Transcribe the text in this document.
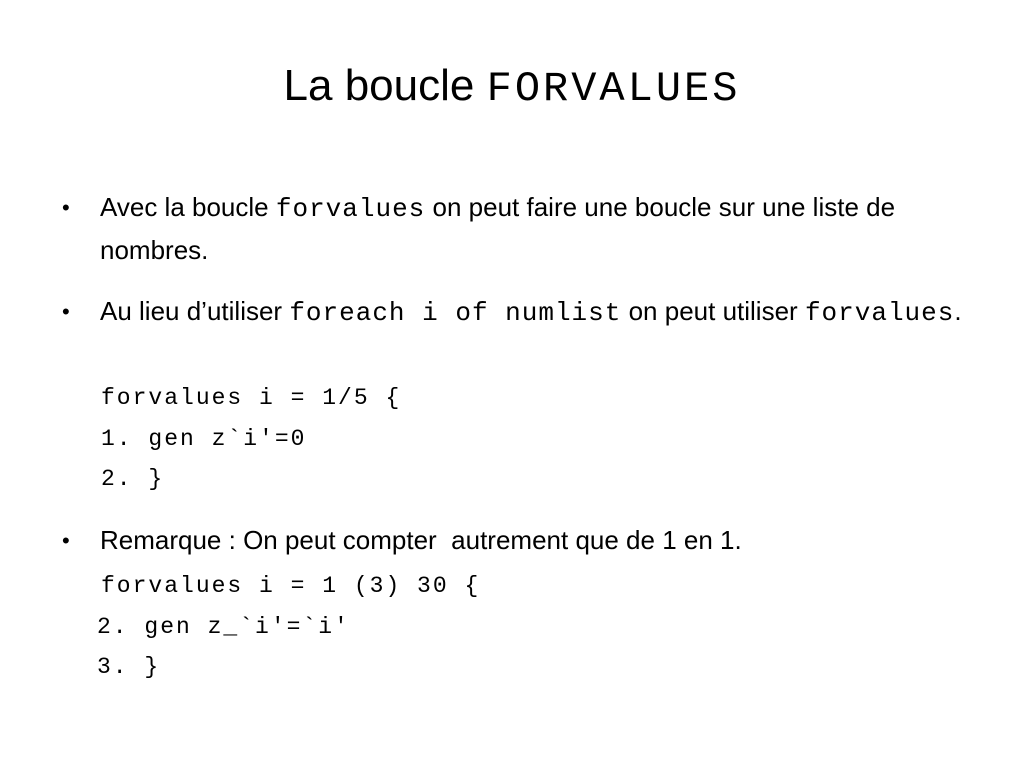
La boucle FORVALUES
•	Avec la boucle forvalues on peut faire une boucle sur une liste de nombres.
•	Au lieu d’utiliser foreach i of numlist on peut utiliser forvalues.
forvalues i = 1/5 {
1. gen z`i'=0
2. }
•	Remarque : On peut compter  autrement que de 1 en 1.
forvalues i = 1 (3) 30 {
2. gen z_`i'=`i'
3. }
